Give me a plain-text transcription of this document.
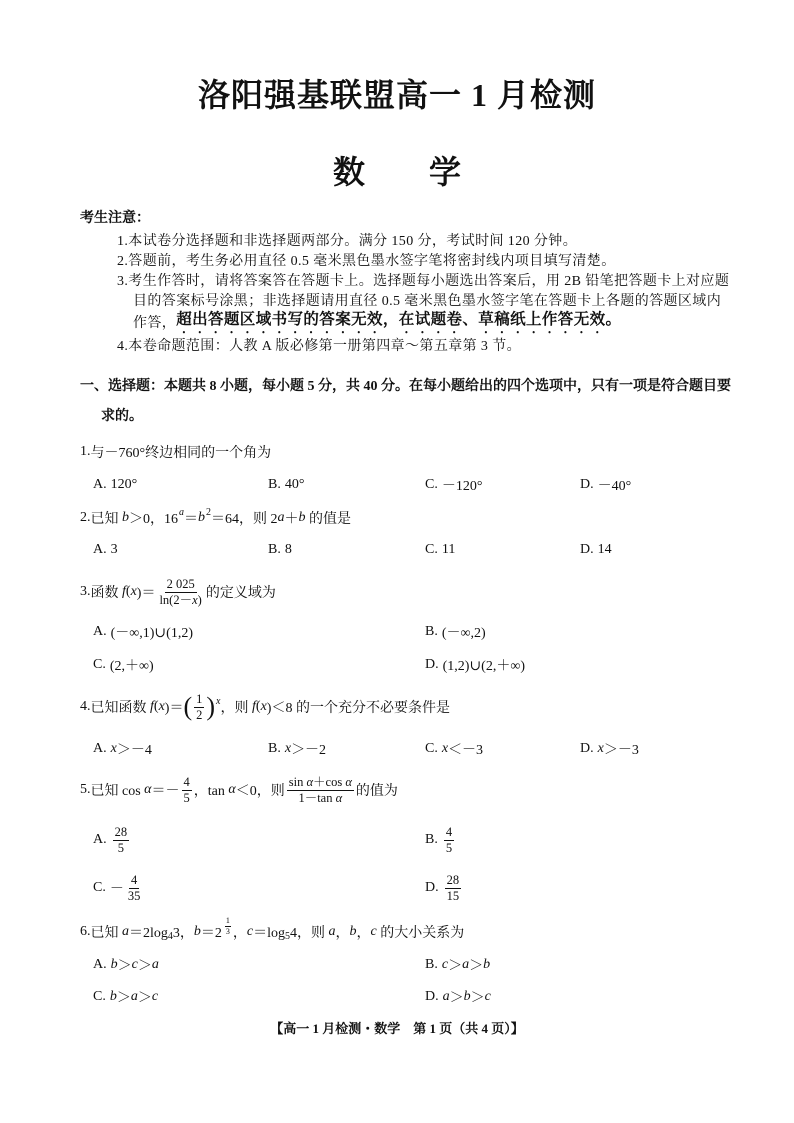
洛阳强基联盟高一 1 月检测
数　　学
考生注意：
1.本试卷分选择题和非选择题两部分。满分 150 分，考试时间 120 分钟。
2.答题前，考生务必用直径 0.5 毫米黑色墨水签字笔将密封线内项目填写清楚。
3.考生作答时，请将答案答在答题卡上。选择题每小题选出答案后，用 2B 铅笔把答题卡上对应题
目的答案标号涂黑；非选择题请用直径 0.5 毫米黑色墨水签字笔在答题卡上各题的答题区域内
作答， 超出答题区域书写的答案无效，在试题卷、草稿纸上作答无效。
4.本卷命题范围：人教 A 版必修第一册第四章～第五章第 3 节。
一、选择题：本题共 8 小题，每小题 5 分，共 40 分。在每小题给出的四个选项中，只有一项是符合题目要
求的。
1. 与－760°终边相同的一个角为
A. 120°	B. 40°	C. －120°	D. －40°
2. 已知 b ＞0，16 a ＝ b 2 ＝64，则 2 a ＋ b 的值是
A. 3	B. 8	C. 11	D. 14
3. 函数 f ( x )＝ $\frac{2 025}{\ln(2- x )}$ 的定义域为
A. (－∞,1)∪(1,2)	B. (－∞,2)
C. (2,＋∞)	D. (1,2)∪(2,＋∞)
4. 已知函数 f ( x )＝ ( $\frac{1}{2}$ ) x ，则 f ( x )＜8 的一个充分不必要条件是
A. x ＞－4	B. x ＞－2	C. x ＜－3	D. x ＞－3
5. 已知 $\cos \alpha =- \frac{4}{5}$ ，tan α ＜0，则 $\frac{\text{sin α ＋cos α}}{\text{1－tan α}}$ 的值为
A. $\frac{28}{5}$	B. $\frac{4}{5}$
C. － $\frac{4}{35}$	D. $\frac{28}{15}$
6. 已知 a ＝2log 4 3， $b =2 \frac{1}{3}$ ， c ＝log 5 4，则 a ， b ， c 的大小关系为
A. b ＞ c ＞ a	B. c ＞ a ＞ b
C. b ＞ a ＞ c	D. a ＞ b ＞ c
【高一 1 月检测・数学　第 1 页（共 4 页）】
